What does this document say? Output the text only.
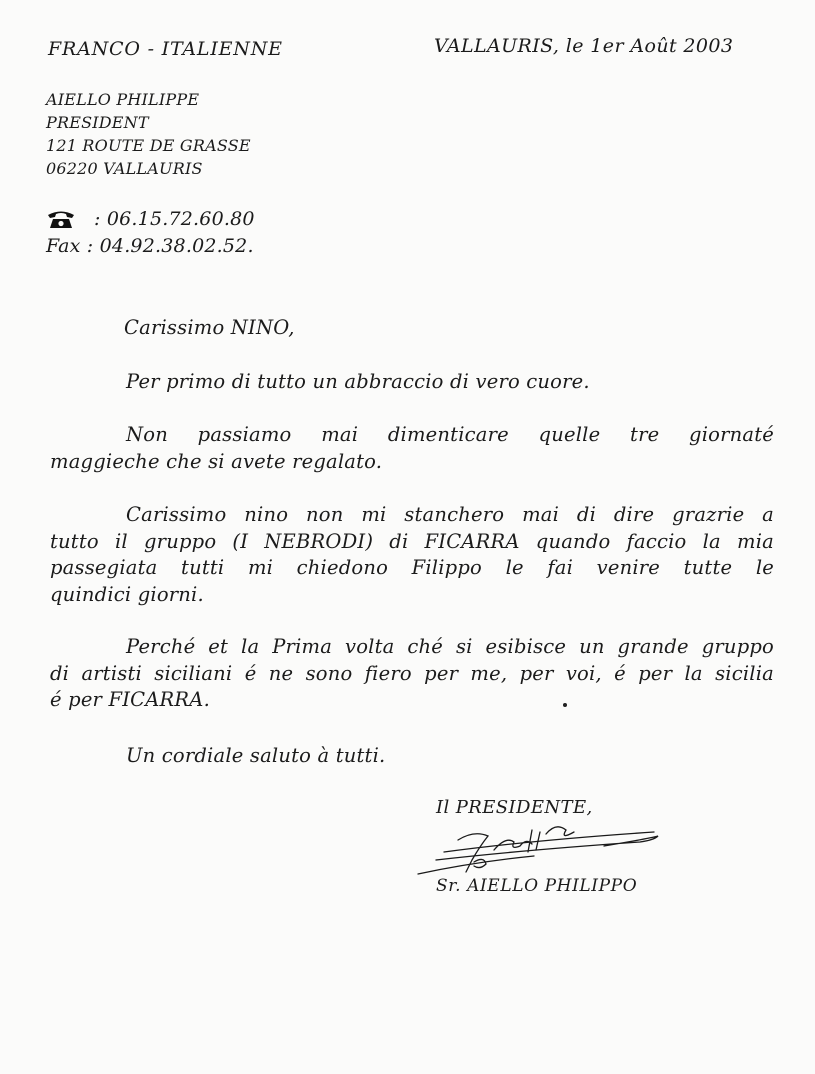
FRANCO - ITALIENNE	VALLAURIS, le 1er Août 2003
AIELLO PHILIPPE
PRESIDENT
121 ROUTE DE GRASSE
06220 VALLAURIS
: 06.15.72.60.80
Fax : 04.92.38.02.52.
Carissimo NINO,
Per primo di tutto un abbraccio di vero cuore.
Non passiamo mai dimenticare quelle tre giornaté
maggieche che si avete regalato.
Carissimo nino non mi stanchero mai di dire grazrie a
tutto il gruppo (I NEBRODI) di FICARRA quando faccio la mia
passegiata tutti mi chiedono Filippo le fai venire tutte le
quindici giorni.
Perché et la Prima volta ché si esibisce un grande gruppo
di artisti siciliani é ne sono fiero per me, per voi, é per la sicilia
é per FICARRA.
Un cordiale saluto à tutti.
Il PRESIDENTE,
Sr. AIELLO PHILIPPO
